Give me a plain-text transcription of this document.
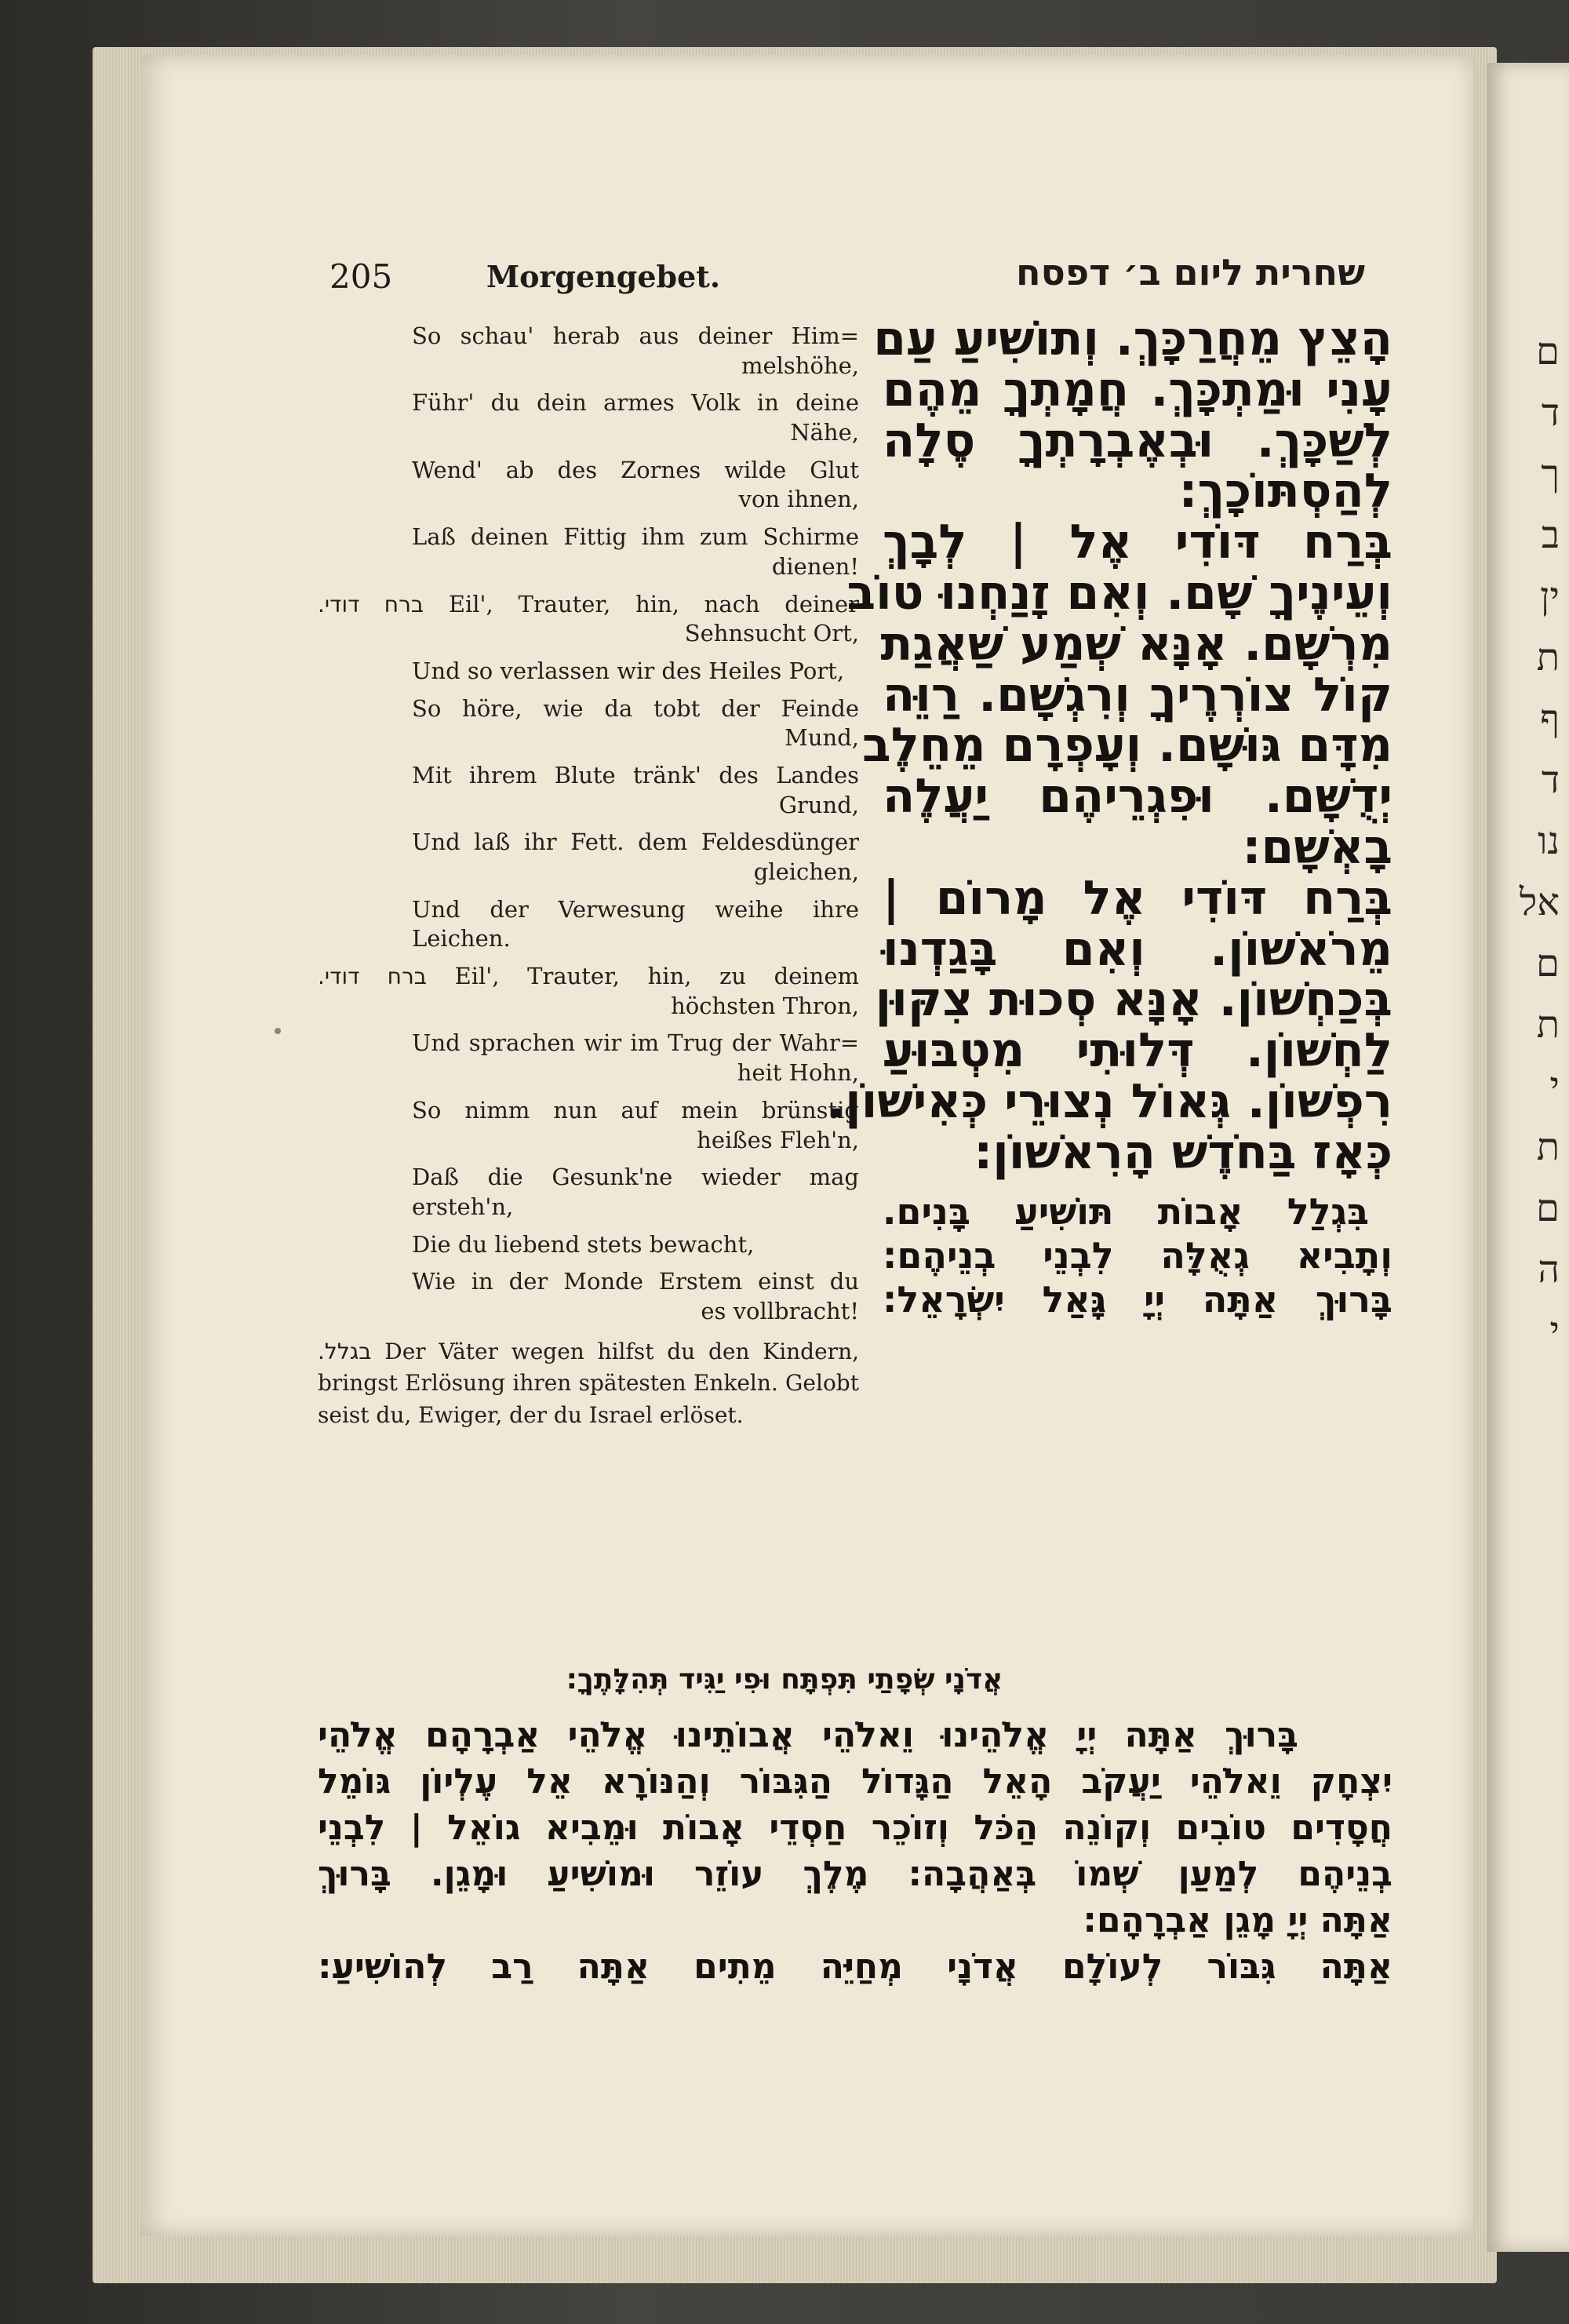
ם
ד
ך
ב
ין
ת
ף
ד
נו
אל
ם
ת
י
ת
ם
ה
י
205	Morgengebet.	שחרית ליום ב׳ דפסח
So schau' herab aus deiner Him=
melshöhe,
Führ' du dein armes Volk in deine
Nähe,
Wend' ab des Zornes wilde Glut
von ihnen,
Laß deinen Fittig ihm zum Schirme
dienen!
ברח דודי. Eil', Trauter, hin, nach deiner
Sehnsucht Ort,
Und so verlassen wir des Heiles Port,
So höre, wie da tobt der Feinde
Mund,
Mit ihrem Blute tränk' des Landes
Grund,
Und laß ihr Fett. dem Feldesdünger
gleichen,
Und der Verwesung weihe ihre Leichen.
ברח דודי. Eil', Trauter, hin, zu deinem
höchsten Thron,
Und sprachen wir im Trug der Wahr=
heit Hohn,
So nimm nun auf mein brünstig
heißes Fleh'n,
Daß die Gesunk'ne wieder mag ersteh'n,
Die du liebend stets bewacht,
Wie in der Monde Erstem einst du
es vollbracht!
בגלל. Der Väter wegen hilfst du den Kindern, bringst Erlösung ihren spätesten Enkeln. Gelobt seist du, Ewiger, der du Israel erlöset.
הָצֵץ מֵחֲרַכָּךְ. וְתוֹשִׁיעַ עַם
עָנִי וּמַתְכָּךְ. חֲמָתְךָ מֵהֶם
לְשַׁכָּךְ. וּבְאֶבְרָתְךָ סֶלָה
לְהַסְתּוֹכָךְ:
בְּרַח דּוֹדִי אֶל | לְבָךְ
וְעֵינֶיךָ שָׁם. וְאִם זָנַחְנוּ טוֹב
מִרְשָׁם. אָנָּא שְׁמַע שַׁאֲגַת
קוֹל צוֹרְרֶיךָ וְרִגְשָׁם. רַוֵּה
מִדָּם גּוּשָׁם. וְעָפְרָם מֵחֵלֶב
יְדֻשָּׁם. וּפִגְרֵיהֶם יַעֲלֶה
בָאְשָׁם:
בְּרַח דּוֹדִי אֶל מָרוֹם |
מֵרֹאשׁוֹן. וְאִם בָּגַדְנוּ
בְּכַחְשׁוֹן. אָנָּא סְכוּת צִקּוּן
לַחְשׁוֹן. דְּלוּתִי מִטְבּוּעַ
רִפְשׁוֹן. גְּאוֹל נְצוּרֵי כְּאִישׁוֹן.
כְּאָז בַּחֹדֶשׁ הָרִאשׁוֹן:
בִּגְלַל אָבוֹת תּוֹשִׁיעַ בָּנִים.
וְתָבִיא גְאֻלָּה לִבְנֵי בְנֵיהֶם:
בָּרוּךְ אַתָּה יְיָ גָּאַל יִשְׂרָאֵל:
אֲדֹנָי שְׂפָתַי תִּפְתָּח וּפִי יַגִּיד תְּהִלָּתֶךָ:
בָּרוּךְ אַתָּה יְיָ אֱלֹהֵינוּ וֵאלֹהֵי אֲבוֹתֵינוּ אֱלֹהֵי אַבְרָהָם אֱלֹהֵי
יִצְחָק וֵאלֹהֵי יַעֲקֹב הָאֵל הַגָּדוֹל הַגִּבּוֹר וְהַנּוֹרָא אֵל עֶלְיוֹן גּוֹמֵל
חֲסָדִים טוֹבִים וְקוֹנֵה הַכֹּל וְזוֹכֵר חַסְדֵי אָבוֹת וּמֵבִיא גוֹאֵל | לִבְנֵי
בְנֵיהֶם לְמַעַן שְׁמוֹ בְּאַהֲבָה: מֶלֶךְ עוֹזֵר וּמוֹשִׁיעַ וּמָגֵן. בָּרוּךְ
אַתָּה יְיָ מָגֵן אַבְרָהָם:
אַתָּה גִּבּוֹר לְעוֹלָם אֲדֹנָי מְחַיֵּה מֵתִים אַתָּה רַב לְהוֹשִׁיעַ:
